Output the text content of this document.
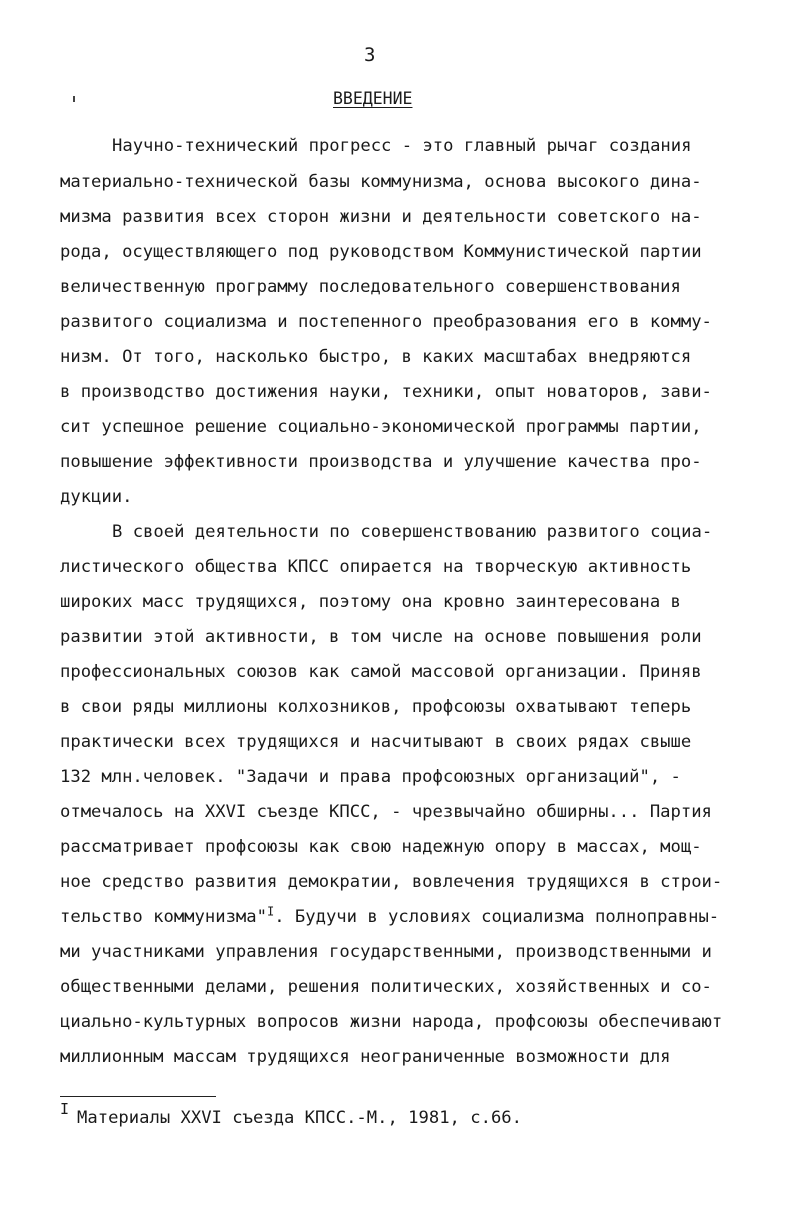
3
ВВЕДЕНИЕ
Научно-технический прогресс - это главный рычаг создания
материально-технической базы коммунизма, основа высокого дина-
мизма развития всех сторон жизни и деятельности советского на-
рода, осуществляющего под руководством Коммунистической партии
величественную программу последовательного совершенствования
развитого социализма и постепенного преобразования его в комму-
низм. От того, насколько быстро, в каких масштабах внедряются
в производство достижения науки, техники, опыт новаторов, зави-
сит успешное решение социально-экономической программы партии,
повышение эффективности производства и улучшение качества про-
дукции.
В своей деятельности по совершенствованию развитого социа-
листического общества КПСС опирается на творческую активность
широких масс трудящихся, поэтому она кровно заинтересована в
развитии этой активности, в том числе на основе повышения роли
профессиональных союзов как самой массовой организации. Приняв
в свои ряды миллионы колхозников, профсоюзы охватывают теперь
практически всех трудящихся и насчитывают в своих рядах свыше
132 млн.человек. "Задачи и права профсоюзных организаций", -
отмечалось на XXVI съезде КПСС, - чрезвычайно обширны... Партия
рассматривает профсоюзы как свою надежную опору в массах, мощ-
ное средство развития демократии, вовлечения трудящихся в строи-
тельство коммунизма"$^I$. Будучи в условиях социализма полноправны-
ми участниками управления государственными, производственными и
общественными делами, решения политических, хозяйственных и со-
циально-культурных вопросов жизни народа, профсоюзы обеспечивают
миллионным массам трудящихся неограниченные возможности для
I Материалы XXVI съезда КПСС.-М., 1981, с.66.
